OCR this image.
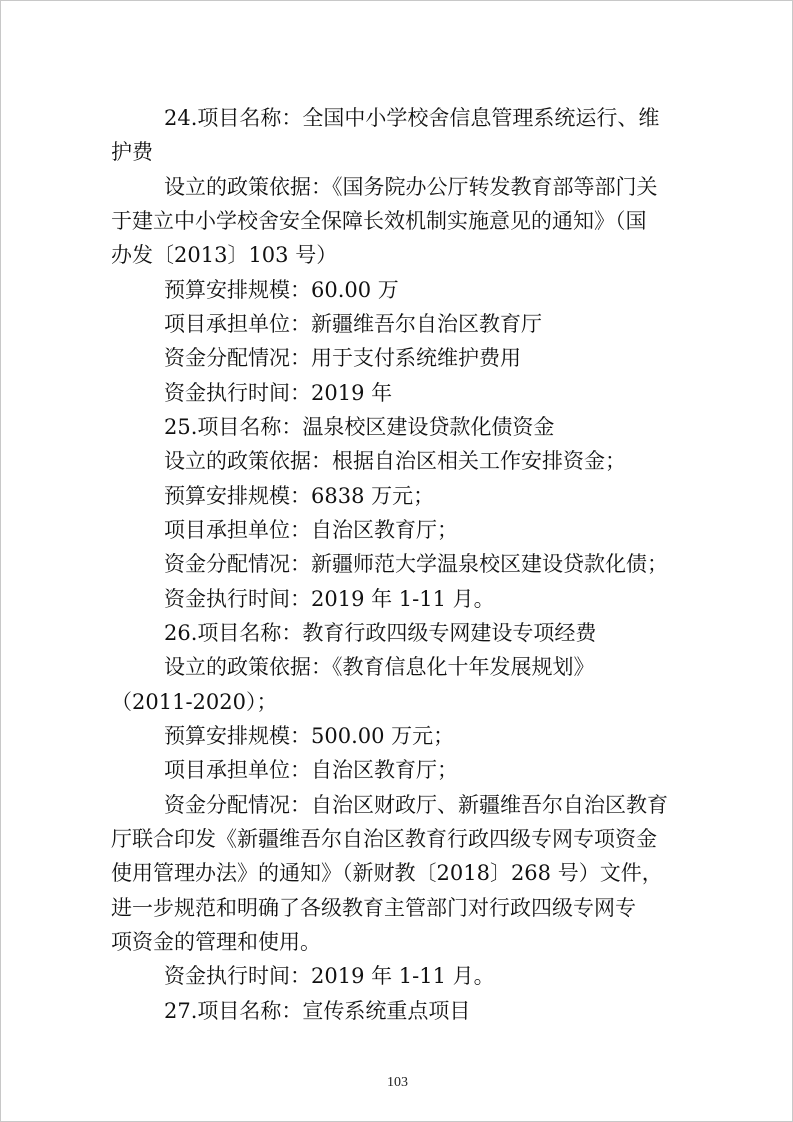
24.项目名称：全国中小学校舍信息管理系统运行、维
护费
设立的政策依据：《国务院办公厅转发教育部等部门关
于建立中小学校舍安全保障长效机制实施意见的通知》（国
办发〔2013〕103 号）
预算安排规模：60.00 万
项目承担单位：新疆维吾尔自治区教育厅
资金分配情况：用于支付系统维护费用
资金执行时间：2019 年
25.项目名称：温泉校区建设贷款化债资金
设立的政策依据：根据自治区相关工作安排资金；
预算安排规模：6838 万元；
项目承担单位：自治区教育厅；
资金分配情况：新疆师范大学温泉校区建设贷款化债；
资金执行时间：2019 年 1-11 月。
26.项目名称：教育行政四级专网建设专项经费
设立的政策依据：《教育信息化十年发展规划》
（2011-2020）；
预算安排规模：500.00 万元；
项目承担单位：自治区教育厅；
资金分配情况：自治区财政厅、新疆维吾尔自治区教育
厅联合印发《新疆维吾尔自治区教育行政四级专网专项资金
使用管理办法》的通知》（新财教〔2018〕268 号）文件，
进一步规范和明确了各级教育主管部门对行政四级专网专
项资金的管理和使用。
资金执行时间：2019 年 1-11 月。
27.项目名称：宣传系统重点项目
103
